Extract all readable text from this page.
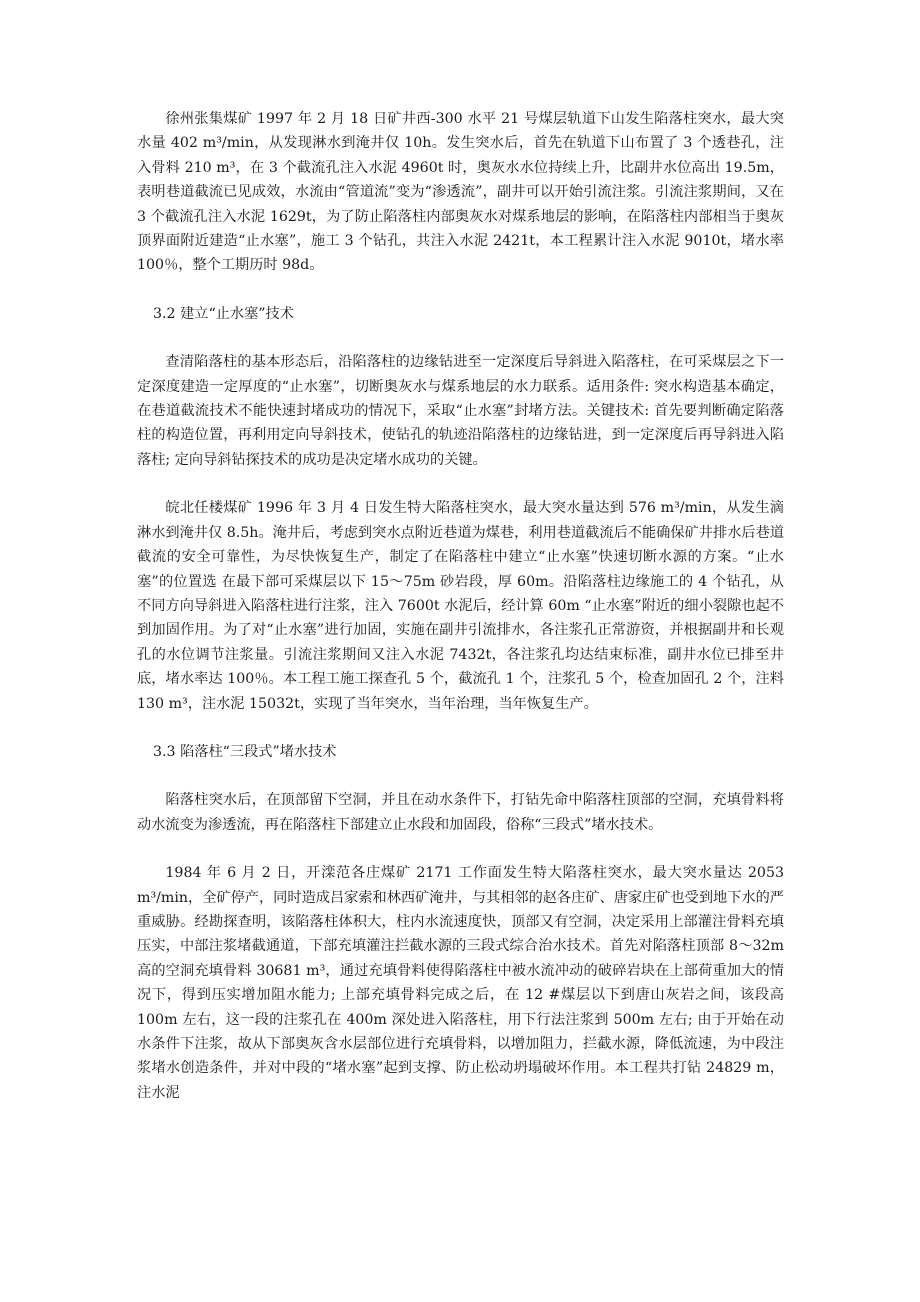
徐州张集煤矿 1997 年 2 月 18 日矿井西-300 水平 21 号煤层轨道下山发生陷落柱突水，最大突水量 402 m³/min，从发现淋水到淹井仅 10h。发生突水后，首先在轨道下山布置了 3 个透巷孔，注入骨料 210 m³，在 3 个截流孔注入水泥 4960t 时，奥灰水水位持续上升，比副井水位高出 19.5m，表明巷道截流已见成效，水流由“管道流”变为“渗透流”，副井可以开始引流注浆。引流注浆期间，又在 3 个截流孔注入水泥 1629t，为了防止陷落柱内部奥灰水对煤系地层的影响，在陷落柱内部相当于奥灰顶界面附近建造“止水塞”，施工 3 个钻孔，共注入水泥 2421t，本工程累计注入水泥 9010t，堵水率 100％，整个工期历时 98d。

3.2 建立“止水塞”技术

查清陷落柱的基本形态后，沿陷落柱的边缘钻进至一定深度后导斜进入陷落柱，在可采煤层之下一定深度建造一定厚度的“止水塞”，切断奥灰水与煤系地层的水力联系。适用条件: 突水构造基本确定，在巷道截流技术不能快速封堵成功的情况下，采取“止水塞”封堵方法。关键技术: 首先要判断确定陷落柱的构造位置，再利用定向导斜技术，使钻孔的轨迹沿陷落柱的边缘钻进，到一定深度后再导斜进入陷落柱; 定向导斜钻探技术的成功是决定堵水成功的关键。

皖北任楼煤矿 1996 年 3 月 4 日发生特大陷落柱突水，最大突水量达到 576 m³/min，从发生滴淋水到淹井仅 8.5h。淹井后，考虑到突水点附近巷道为煤巷，利用巷道截流后不能确保矿井排水后巷道截流的安全可靠性，为尽快恢复生产，制定了在陷落柱中建立“止水塞”快速切断水源的方案。“止水塞”的位置选 在最下部可采煤层以下 15～75m 砂岩段，厚 60m。沿陷落柱边缘施工的 4 个钻孔，从不同方向导斜进入陷落柱进行注浆，注入 7600t 水泥后，经计算 60m “止水塞”附近的细小裂隙也起不到加固作用。为了对“止水塞”进行加固，实施在副井引流排水，各注浆孔正常游资，并根据副井和长观孔的水位调节注浆量。引流注浆期间又注入水泥 7432t，各注浆孔均达结束标准，副井水位已排至井底，堵水率达 100％。本工程工施工探查孔 5 个，截流孔 1 个，注浆孔 5 个，检查加固孔 2 个，注料 130 m³，注水泥 15032t，实现了当年突水，当年治理，当年恢复生产。

3.3 陷落柱“三段式”堵水技术

陷落柱突水后，在顶部留下空洞，并且在动水条件下，打钻先命中陷落柱顶部的空洞，充填骨料将动水流变为渗透流，再在陷落柱下部建立止水段和加固段，俗称“三段式”堵水技术。

1984 年 6 月 2 日，开滦范各庄煤矿 2171 工作面发生特大陷落柱突水，最大突水量达 2053 m³/min，全矿停产，同时造成吕家索和林西矿淹井，与其相邻的赵各庄矿、唐家庄矿也受到地下水的严重威胁。经勘探查明，该陷落柱体积大，柱内水流速度快，顶部又有空洞，决定采用上部灌注骨料充填压实，中部注浆堵截通道，下部充填灌注拦截水源的三段式综合治水技术。首先对陷落柱顶部 8～32m 高的空洞充填骨料 30681 m³，通过充填骨料使得陷落柱中被水流冲动的破碎岩块在上部荷重加大的情况下，得到压实增加阻水能力; 上部充填骨料完成之后，在 12 #煤层以下到唐山灰岩之间，该段高 100m 左右，这一段的注浆孔在 400m 深处进入陷落柱，用下行法注浆到 500m 左右; 由于开始在动水条件下注浆，故从下部奥灰含水层部位进行充填骨料，以增加阻力，拦截水源，降低流速，为中段注浆堵水创造条件，并对中段的“堵水塞”起到支撑、防止松动坍塌破坏作用。本工程共打钻 24829 m，注水泥
